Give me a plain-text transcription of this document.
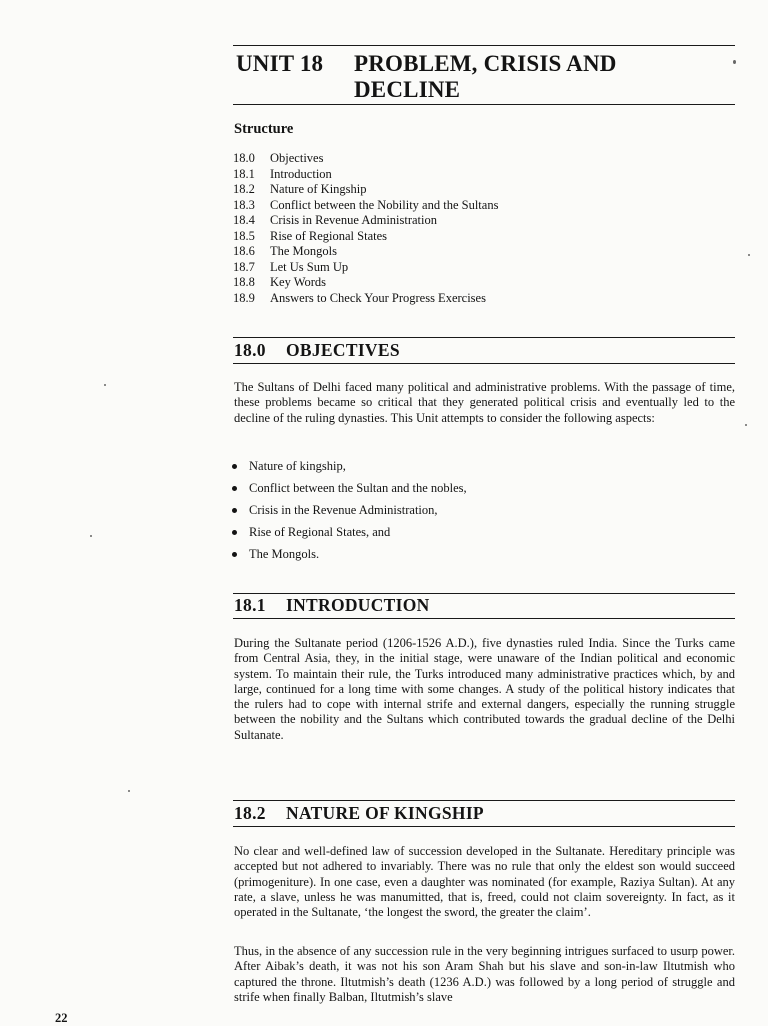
UNIT 18 PROBLEM, CRISIS AND
DECLINE
Structure
18.0 Objectives
18.1 Introduction
18.2 Nature of Kingship
18.3 Conflict between the Nobility and the Sultans
18.4 Crisis in Revenue Administration
18.5 Rise of Regional States
18.6 The Mongols
18.7 Let Us Sum Up
18.8 Key Words
18.9 Answers to Check Your Progress Exercises
18.0 OBJECTIVES

The Sultans of Delhi faced many political and administrative problems. With the passage of time, these problems became so critical that they generated political crisis and eventually led to the decline of the ruling dynasties. This Unit attempts to consider the following aspects:

Nature of kingship,
Conflict between the Sultan and the nobles,
Crisis in the Revenue Administration,
Rise of Regional States, and
The Mongols.
18.1 INTRODUCTION

During the Sultanate period (1206-1526 A.D.), five dynasties ruled India. Since the Turks came from Central Asia, they, in the initial stage, were unaware of the Indian political and economic system. To maintain their rule, the Turks introduced many administrative practices which, by and large, continued for a long time with some changes. A study of the political history indicates that the rulers had to cope with internal strife and external dangers, especially the running struggle between the nobility and the Sultans which contributed towards the gradual decline of the Delhi Sultanate.

18.2 NATURE OF KINGSHIP

No clear and well-defined law of succession developed in the Sultanate. Hereditary principle was accepted but not adhered to invariably. There was no rule that only the eldest son would succeed (primogeniture). In one case, even a daughter was nominated (for example, Raziya Sultan). At any rate, a slave, unless he was manumitted, that is, freed, could not claim sovereignty. In fact, as it operated in the Sultanate, ‘the longest the sword, the greater the claim’.

Thus, in the absence of any succession rule in the very beginning intrigues surfaced to usurp power. After Aibak’s death, it was not his son Aram Shah but his slave and son-in-law Iltutmish who captured the throne. Iltutmish’s death (1236 A.D.) was followed by a long period of struggle and strife when finally Balban, Iltutmish’s slave

22
